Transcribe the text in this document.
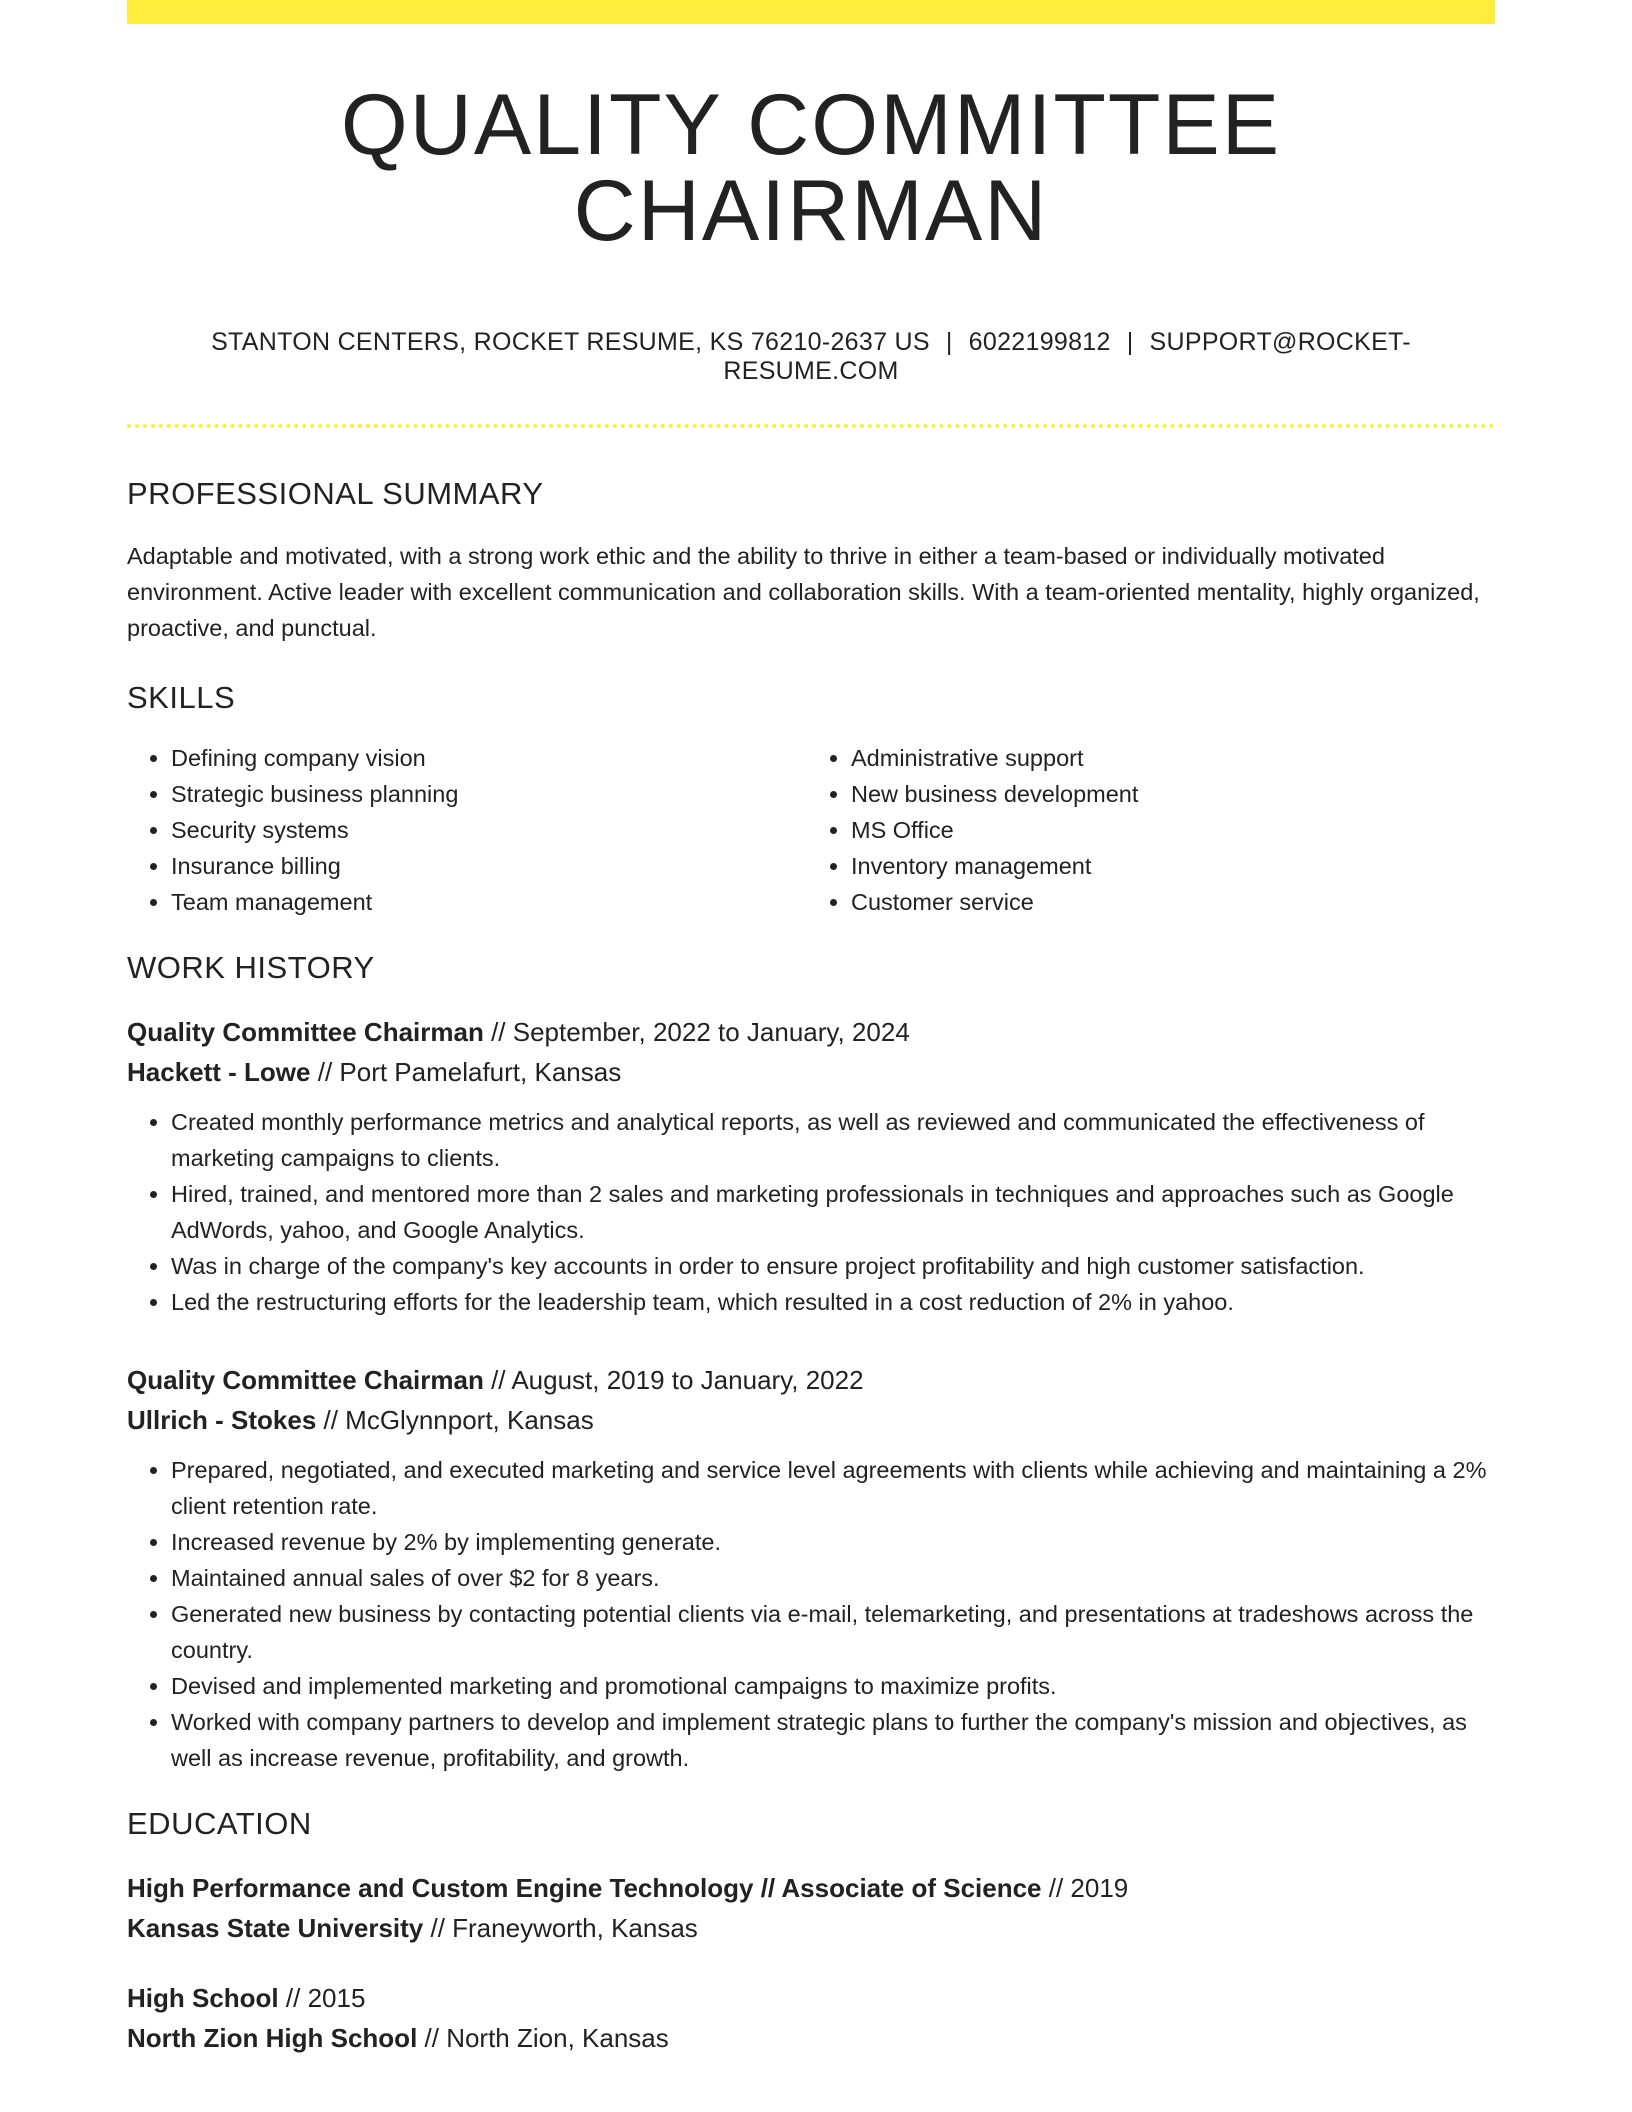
QUALITY COMMITTEE CHAIRMAN
STANTON CENTERS, ROCKET RESUME, KS 76210-2637 US | 6022199812 | SUPPORT@ROCKET-RESUME.COM
PROFESSIONAL SUMMARY
Adaptable and motivated, with a strong work ethic and the ability to thrive in either a team-based or individually motivated environment. Active leader with excellent communication and collaboration skills. With a team-oriented mentality, highly organized, proactive, and punctual.
SKILLS
• Defining company vision
• Strategic business planning
• Security systems
• Insurance billing
• Team management
• Administrative support
• New business development
• MS Office
• Inventory management
• Customer service
WORK HISTORY
Quality Committee Chairman // September, 2022 to January, 2024
Hackett - Lowe // Port Pamelafurt, Kansas
• Created monthly performance metrics and analytical reports, as well as reviewed and communicated the effectiveness of marketing campaigns to clients.
• Hired, trained, and mentored more than 2 sales and marketing professionals in techniques and approaches such as Google AdWords, yahoo, and Google Analytics.
• Was in charge of the company's key accounts in order to ensure project profitability and high customer satisfaction.
• Led the restructuring efforts for the leadership team, which resulted in a cost reduction of 2% in yahoo.
Quality Committee Chairman // August, 2019 to January, 2022
Ullrich - Stokes // McGlynnport, Kansas
• Prepared, negotiated, and executed marketing and service level agreements with clients while achieving and maintaining a 2% client retention rate.
• Increased revenue by 2% by implementing generate.
• Maintained annual sales of over $2 for 8 years.
• Generated new business by contacting potential clients via e-mail, telemarketing, and presentations at tradeshows across the country.
• Devised and implemented marketing and promotional campaigns to maximize profits.
• Worked with company partners to develop and implement strategic plans to further the company's mission and objectives, as well as increase revenue, profitability, and growth.
EDUCATION
High Performance and Custom Engine Technology // Associate of Science // 2019
Kansas State University // Franeyworth, Kansas
High School // 2015
North Zion High School // North Zion, Kansas
